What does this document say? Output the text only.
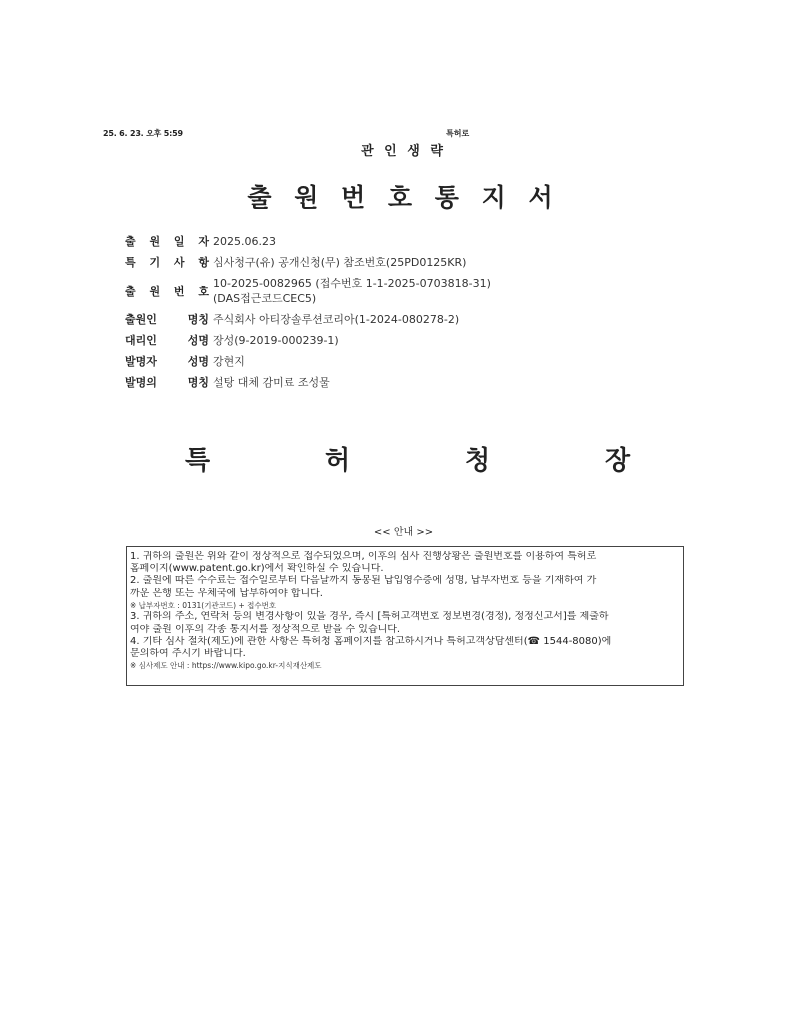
25. 6. 23. 오후 5:59	특허로
관 인 생 략
출 원 번 호 통 지 서
출 원 일 자 2025.06.23
특 기 사 항 심사청구(유) 공개신청(무) 참조번호(25PD0125KR)
출 원 번 호
10-2025-0082965 (접수번호 1-1-2025-0703818-31)
(DAS접근코드CEC5)
출원인	명칭 주식회사 아티장솔루션코리아(1-2024-080278-2)
대리인	성명 장성(9-2019-000239-1)
발명자	성명 강현지
발명의	명칭 설탕 대체 감미료 조성물
특	허	청	장
<< 안내 >>
1. 귀하의 출원은 위와 같이 정상적으로 접수되었으며, 이후의 심사 진행상황은 출원번호를 이용하여 특허로
홈페이지(www.patent.go.kr)에서 확인하실 수 있습니다.
2. 출원에 따른 수수료는 접수일로부터 다음날까지 동봉된 납입영수증에 성명, 납부자번호 등을 기재하여 가
까운 은행 또는 우체국에 납부하여야 합니다.
※ 납부자번호 : 0131(기관코드) + 접수번호
3. 귀하의 주소, 연락처 등의 변경사항이 있을 경우, 즉시 [특허고객번호 정보변경(경정), 정정신고서]를 제출하
여야 출원 이후의 각종 통지서를 정상적으로 받을 수 있습니다.
4. 기타 심사 절차(제도)에 관한 사항은 특허청 홈페이지를 참고하시거나 특허고객상담센터(☎ 1544-8080)에
문의하여 주시기 바랍니다.
※ 심사제도 안내 : https://www.kipo.go.kr-지식재산제도
